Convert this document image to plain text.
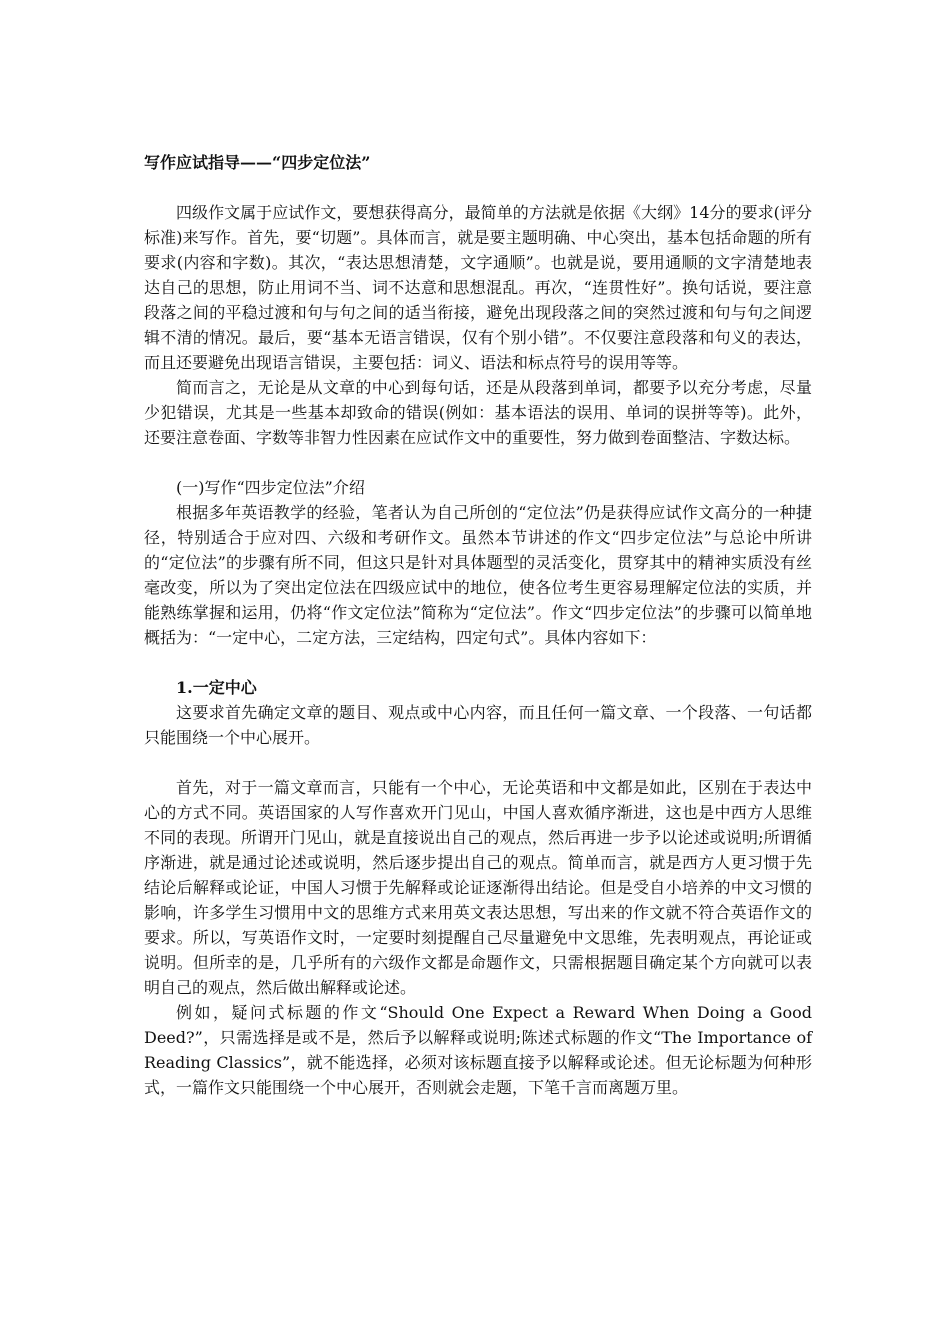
写作应试指导——“四步定位法”

四级作文属于应试作文，要想获得高分，最简单的方法就是依据《大纲》14分的要求(评分标准)来写作。首先，要“切题”。具体而言，就是要主题明确、中心突出，基本包括命题的所有要求(内容和字数)。其次，“表达思想清楚，文字通顺”。也就是说，要用通顺的文字清楚地表达自己的思想，防止用词不当、词不达意和思想混乱。再次，“连贯性好”。换句话说，要注意段落之间的平稳过渡和句与句之间的适当衔接，避免出现段落之间的突然过渡和句与句之间逻辑不清的情况。最后，要“基本无语言错误，仅有个别小错”。不仅要注意段落和句义的表达，而且还要避免出现语言错误，主要包括：词义、语法和标点符号的误用等等。

简而言之，无论是从文章的中心到每句话，还是从段落到单词，都要予以充分考虑，尽量少犯错误，尤其是一些基本却致命的错误(例如：基本语法的误用、单词的误拼等等)。此外，还要注意卷面、字数等非智力性因素在应试作文中的重要性，努力做到卷面整洁、字数达标。

(一)写作“四步定位法”介绍

根据多年英语教学的经验，笔者认为自己所创的“定位法”仍是获得应试作文高分的一种捷径，特别适合于应对四、六级和考研作文。虽然本节讲述的作文“四步定位法”与总论中所讲的“定位法”的步骤有所不同，但这只是针对具体题型的灵活变化，贯穿其中的精神实质没有丝毫改变，所以为了突出定位法在四级应试中的地位，使各位考生更容易理解定位法的实质，并能熟练掌握和运用，仍将“作文定位法”简称为“定位法”。作文“四步定位法”的步骤可以简单地概括为：“一定中心，二定方法，三定结构，四定句式”。具体内容如下：

1.一定中心

这要求首先确定文章的题目、观点或中心内容，而且任何一篇文章、一个段落、一句话都只能围绕一个中心展开。

首先，对于一篇文章而言，只能有一个中心，无论英语和中文都是如此，区别在于表达中心的方式不同。英语国家的人写作喜欢开门见山，中国人喜欢循序渐进，这也是中西方人思维不同的表现。所谓开门见山，就是直接说出自己的观点，然后再进一步予以论述或说明;所谓循序渐进，就是通过论述或说明，然后逐步提出自己的观点。简单而言，就是西方人更习惯于先结论后解释或论证，中国人习惯于先解释或论证逐渐得出结论。但是受自小培养的中文习惯的影响，许多学生习惯用中文的思维方式来用英文表达思想，写出来的作文就不符合英语作文的要求。所以，写英语作文时，一定要时刻提醒自己尽量避免中文思维，先表明观点，再论证或说明。但所幸的是，几乎所有的六级作文都是命题作文，只需根据题目确定某个方向就可以表明自己的观点，然后做出解释或论述。

例如，疑问式标题的作文“Should One Expect a Reward When Doing a Good Deed?”，只需选择是或不是，然后予以解释或说明;陈述式标题的作文“The Importance of Reading Classics”，就不能选择，必须对该标题直接予以解释或论述。但无论标题为何种形式，一篇作文只能围绕一个中心展开，否则就会走题，下笔千言而离题万里。
